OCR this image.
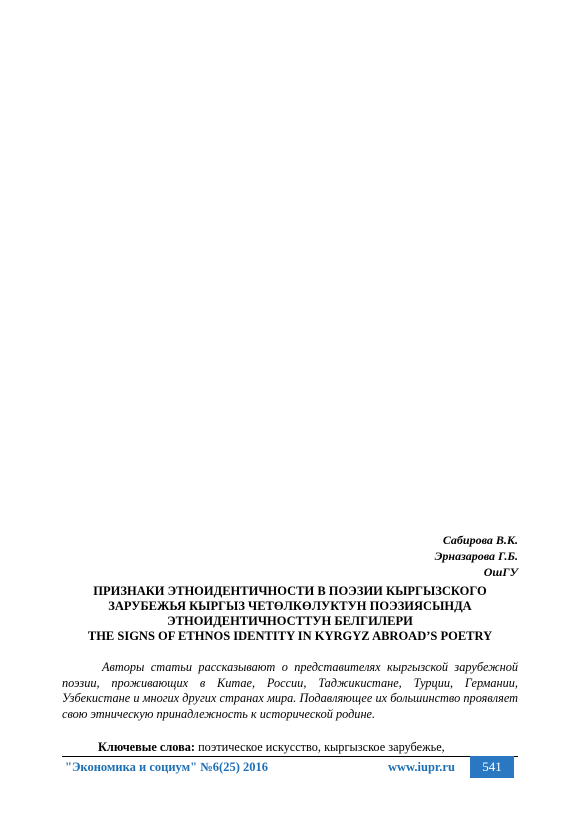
Сабирова В.К.
Эрназарова Г.Б.
ОшГУ
ПРИЗНАКИ ЭТНОИДЕНТИЧНОСТИ В ПОЭЗИИ КЫРГЫЗСКОГО ЗАРУБЕЖЬЯ КЫРГЫЗ ЧЕТӨЛКӨЛУКТУН ПОЭЗИЯСЫНДА ЭТНОИДЕНТИЧНОСТТУН БЕЛГИЛЕРИ
THE SIGNS OF ETHNOS IDENTITY IN KYRGYZ ABROAD’S POETRY
Авторы статьи рассказывают о представителях кыргызской зарубежной поэзии, проживающих в Китае, России, Таджикистане, Турции, Германии, Узбекистане и многих других странах мира. Подавляющее их большинство проявляет свою этническую принадлежность к исторической родине.
Ключевые слова: поэтическое искусство, кыргызское зарубежье,
"Экономика и социум" №6(25) 2016	www.iupr.ru	541
